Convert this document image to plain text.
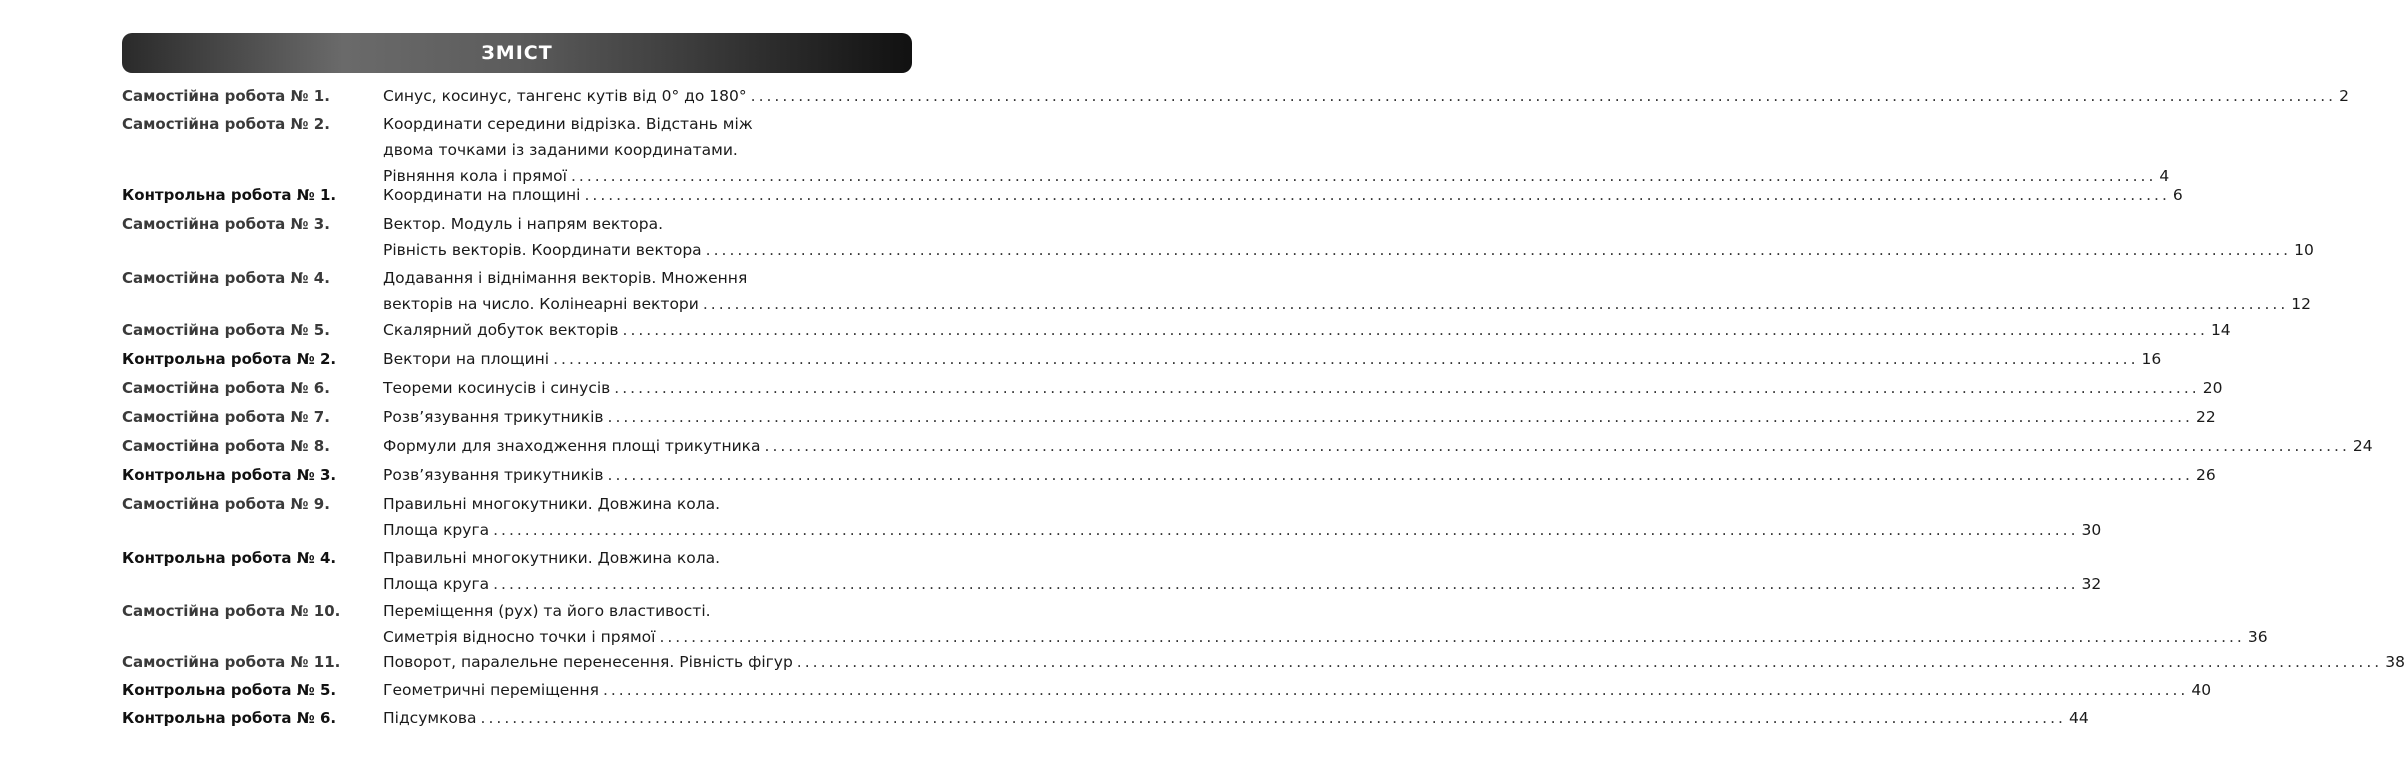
ЗМІСТ
Самостійна робота № 1.	Синус, косинус, тангенс кутів від 0° до 180° ........................................................................................................................................................................................................ 2
Самостійна робота № 2.	Координати середини відрізка. Відстань між
двома точками із заданими координатами.
Рівняння кола і прямої ........................................................................................................................................................................................................ 4
Контрольна робота № 1.	Координати на площині ........................................................................................................................................................................................................ 6
Самостійна робота № 3.	Вектор. Модуль і напрям вектора.
Рівність векторів. Координати вектора ........................................................................................................................................................................................................ 10
Самостійна робота № 4.	Додавання і віднімання векторів. Множення
векторів на число. Колінеарні вектори ........................................................................................................................................................................................................ 12
Самостійна робота № 5.	Скалярний добуток векторів ........................................................................................................................................................................................................ 14
Контрольна робота № 2.	Вектори на площині ........................................................................................................................................................................................................ 16
Самостійна робота № 6.	Теореми косинусів і синусів ........................................................................................................................................................................................................ 20
Самостійна робота № 7.	Розв’язування трикутників ........................................................................................................................................................................................................ 22
Самостійна робота № 8.	Формули для знаходження площі трикутника ........................................................................................................................................................................................................ 24
Контрольна робота № 3.	Розв’язування трикутників ........................................................................................................................................................................................................ 26
Самостійна робота № 9.	Правильні многокутники. Довжина кола.
Площа круга ........................................................................................................................................................................................................ 30
Контрольна робота № 4.	Правильні многокутники. Довжина кола.
Площа круга ........................................................................................................................................................................................................ 32
Самостійна робота № 10.	Переміщення (рух) та його властивості.
Симетрія відносно точки і прямої ........................................................................................................................................................................................................ 36
Самостійна робота № 11.	Поворот, паралельне перенесення. Рівність фігур ........................................................................................................................................................................................................ 38
Контрольна робота № 5.	Геометричні переміщення ........................................................................................................................................................................................................ 40
Контрольна робота № 6.	Підсумкова ........................................................................................................................................................................................................ 44
